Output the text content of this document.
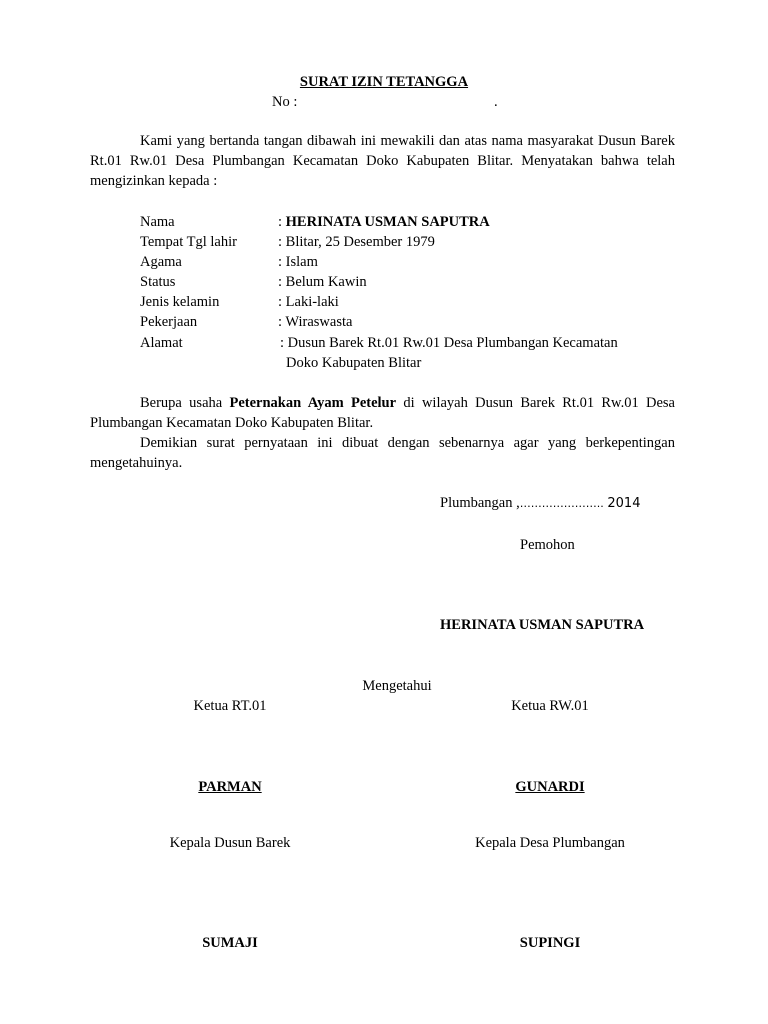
SURAT IZIN TETANGGA
No :	.
Kami yang bertanda tangan dibawah ini mewakili dan atas nama masyarakat Dusun Barek Rt.01 Rw.01 Desa Plumbangan Kecamatan Doko Kabupaten Blitar. Menyatakan bahwa telah mengizinkan kepada :
Nama	: HERINATA USMAN SAPUTRA
Tempat Tgl lahir	: Blitar, 25 Desember 1979
Agama	: Islam
Status	: Belum Kawin
Jenis kelamin	: Laki-laki
Pekerjaan	: Wiraswasta
Alamat	: Dusun Barek Rt.01 Rw.01 Desa Plumbangan Kecamatan
Doko Kabupaten Blitar
Berupa usaha Peternakan Ayam Petelur di wilayah Dusun Barek Rt.01 Rw.01 Desa Plumbangan Kecamatan Doko Kabupaten Blitar.
Demikian surat pernyataan ini dibuat dengan sebenarnya agar yang berkepentingan mengetahuinya.
Plumbangan ,………………….. 2014
Pemohon
HERINATA USMAN SAPUTRA
Mengetahui
Ketua RT.01	Ketua RW.01
PARMAN	GUNARDI
Kepala Dusun Barek	Kepala Desa Plumbangan
SUMAJI	SUPINGI
